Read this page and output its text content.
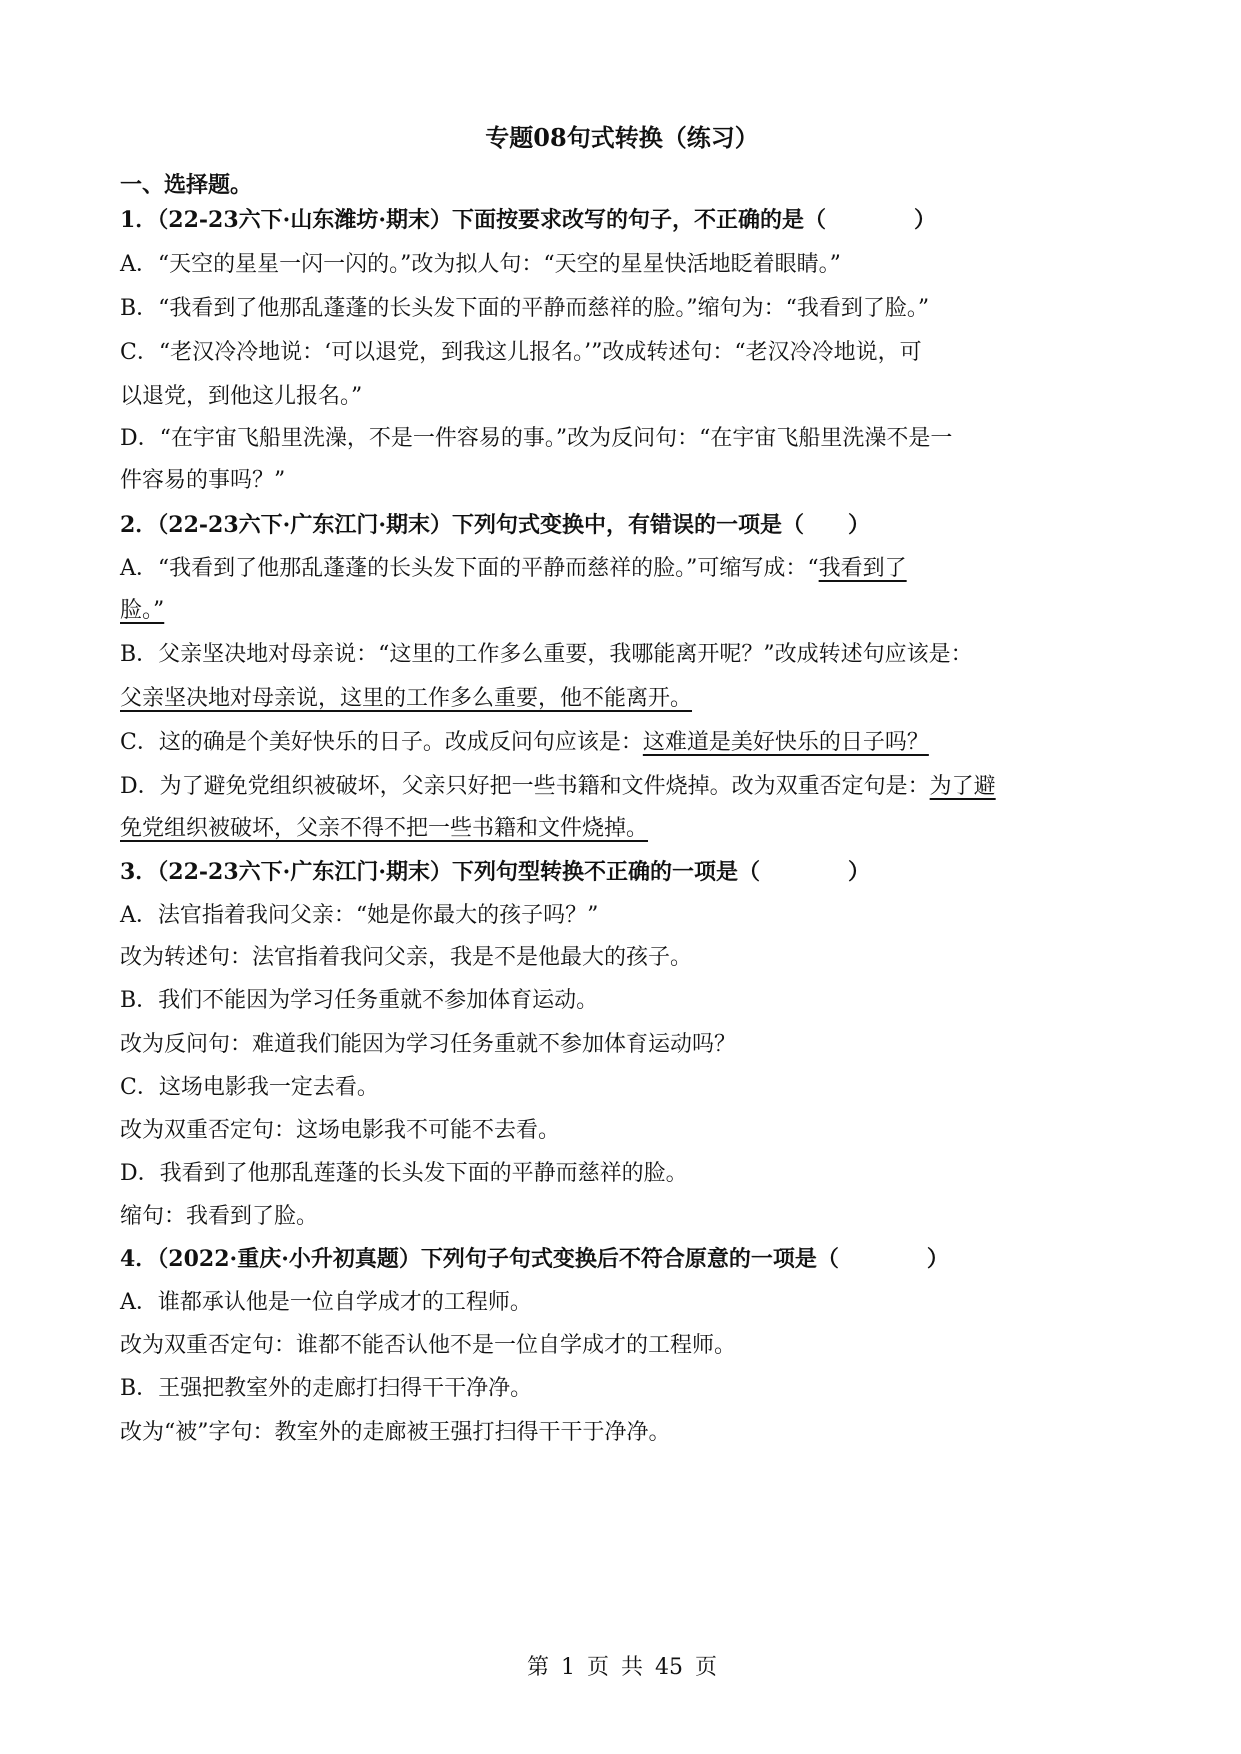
专题08句式转换（练习）
一、选择题。
1．（22-23六下·山东潍坊·期末）下面按要求改写的句子，不正确的是（　　　　）
A．“天空的星星一闪一闪的。”改为拟人句：“天空的星星快活地眨着眼睛。”
B．“我看到了他那乱蓬蓬的长头发下面的平静而慈祥的脸。”缩句为：“我看到了脸。”
C．“老汉冷冷地说：‘可以退党，到我这儿报名。’”改成转述句：“老汉冷冷地说，可
以退党，到他这儿报名。”
D．“在宇宙飞船里洗澡，不是一件容易的事。”改为反问句：“在宇宙飞船里洗澡不是一
件容易的事吗？”
2．（22-23六下·广东江门·期末）下列句式变换中，有错误的一项是（　　）
A．“我看到了他那乱蓬蓬的长头发下面的平静而慈祥的脸。”可缩写成：“我看到了
脸。”
B．父亲坚决地对母亲说：“这里的工作多么重要，我哪能离开呢？”改成转述句应该是：
父亲坚决地对母亲说，这里的工作多么重要，他不能离开。
C．这的确是个美好快乐的日子。改成反问句应该是：这难道是美好快乐的日子吗？
D．为了避免党组织被破坏，父亲只好把一些书籍和文件烧掉。改为双重否定句是：为了避
免党组织被破坏，父亲不得不把一些书籍和文件烧掉。
3．（22-23六下·广东江门·期末）下列句型转换不正确的一项是（　　　　）
A．法官指着我问父亲：“她是你最大的孩子吗？”
改为转述句：法官指着我问父亲，我是不是他最大的孩子。
B．我们不能因为学习任务重就不参加体育运动。
改为反问句：难道我们能因为学习任务重就不参加体育运动吗？
C．这场电影我一定去看。
改为双重否定句：这场电影我不可能不去看。
D．我看到了他那乱莲蓬的长头发下面的平静而慈祥的脸。
缩句：我看到了脸。
4．（2022·重庆·小升初真题）下列句子句式变换后不符合原意的一项是（　　　　）
A．谁都承认他是一位自学成才的工程师。
改为双重否定句：谁都不能否认他不是一位自学成才的工程师。
B．王强把教室外的走廊打扫得干干净净。
改为“被”字句：教室外的走廊被王强打扫得干干于净净。
第 1 页 共 45 页
